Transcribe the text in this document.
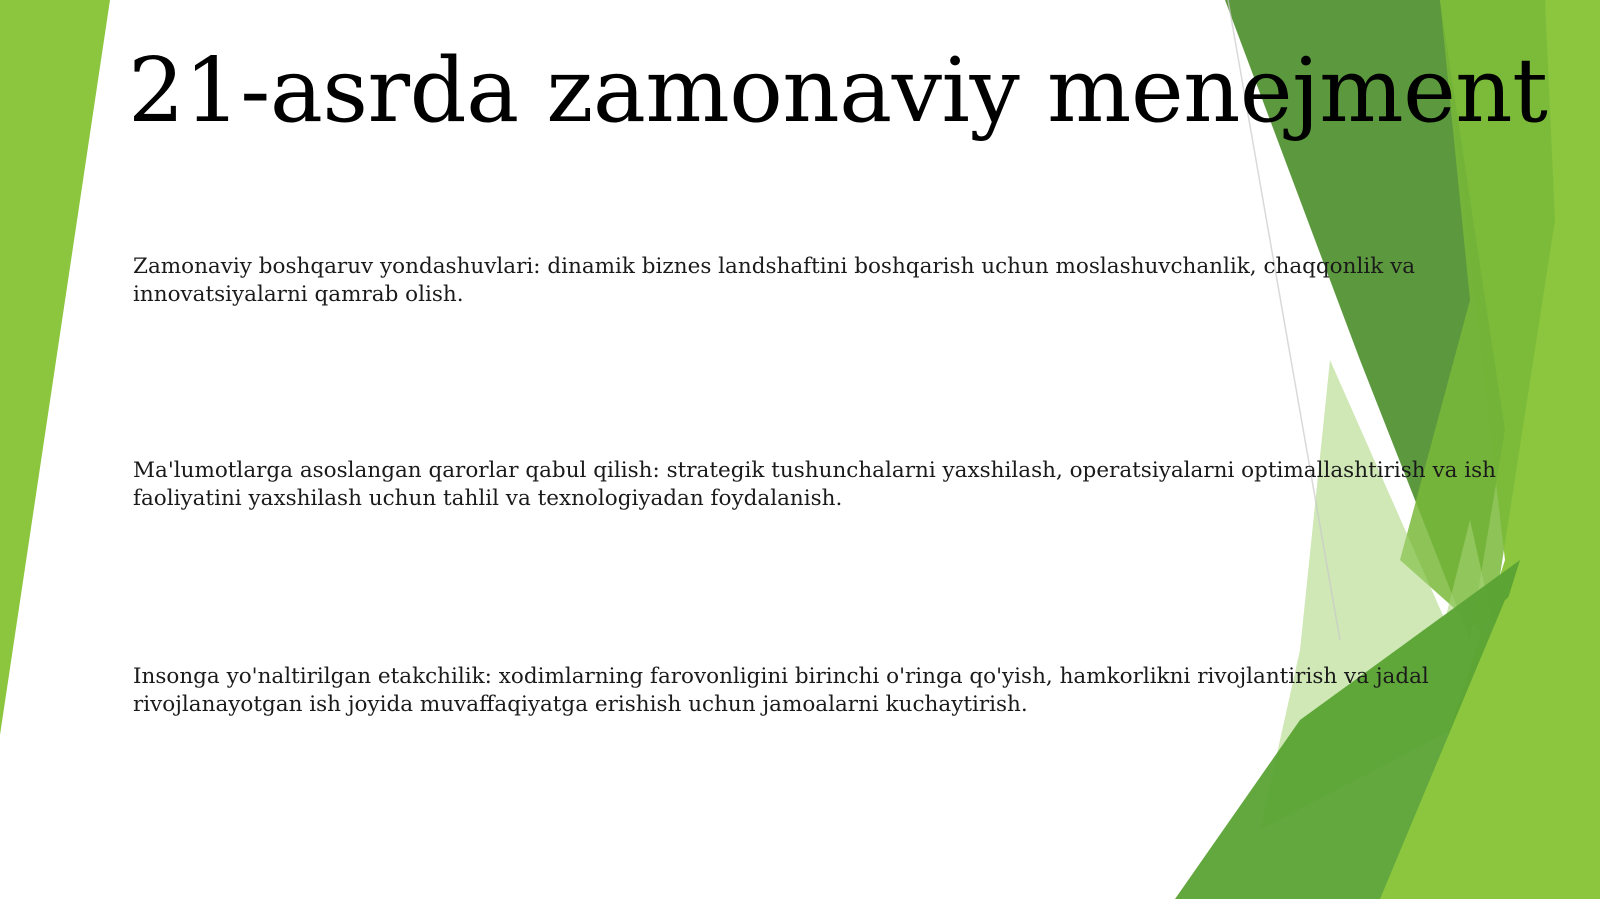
21-asrda zamonaviy menejment

Zamonaviy boshqaruv yondashuvlari: dinamik biznes landshaftini boshqarish uchun moslashuvchanlik, chaqqonlik va innovatsiyalarni qamrab olish.

Ma'lumotlarga asoslangan qarorlar qabul qilish: strategik tushunchalarni yaxshilash, operatsiyalarni optimallashtirish va ish faoliyatini yaxshilash uchun tahlil va texnologiyadan foydalanish.

Insonga yo'naltirilgan etakchilik: xodimlarning farovonligini birinchi o'ringa qo'yish, hamkorlikni rivojlantirish va jadal rivojlanayotgan ish joyida muvaffaqiyatga erishish uchun jamoalarni kuchaytirish.
